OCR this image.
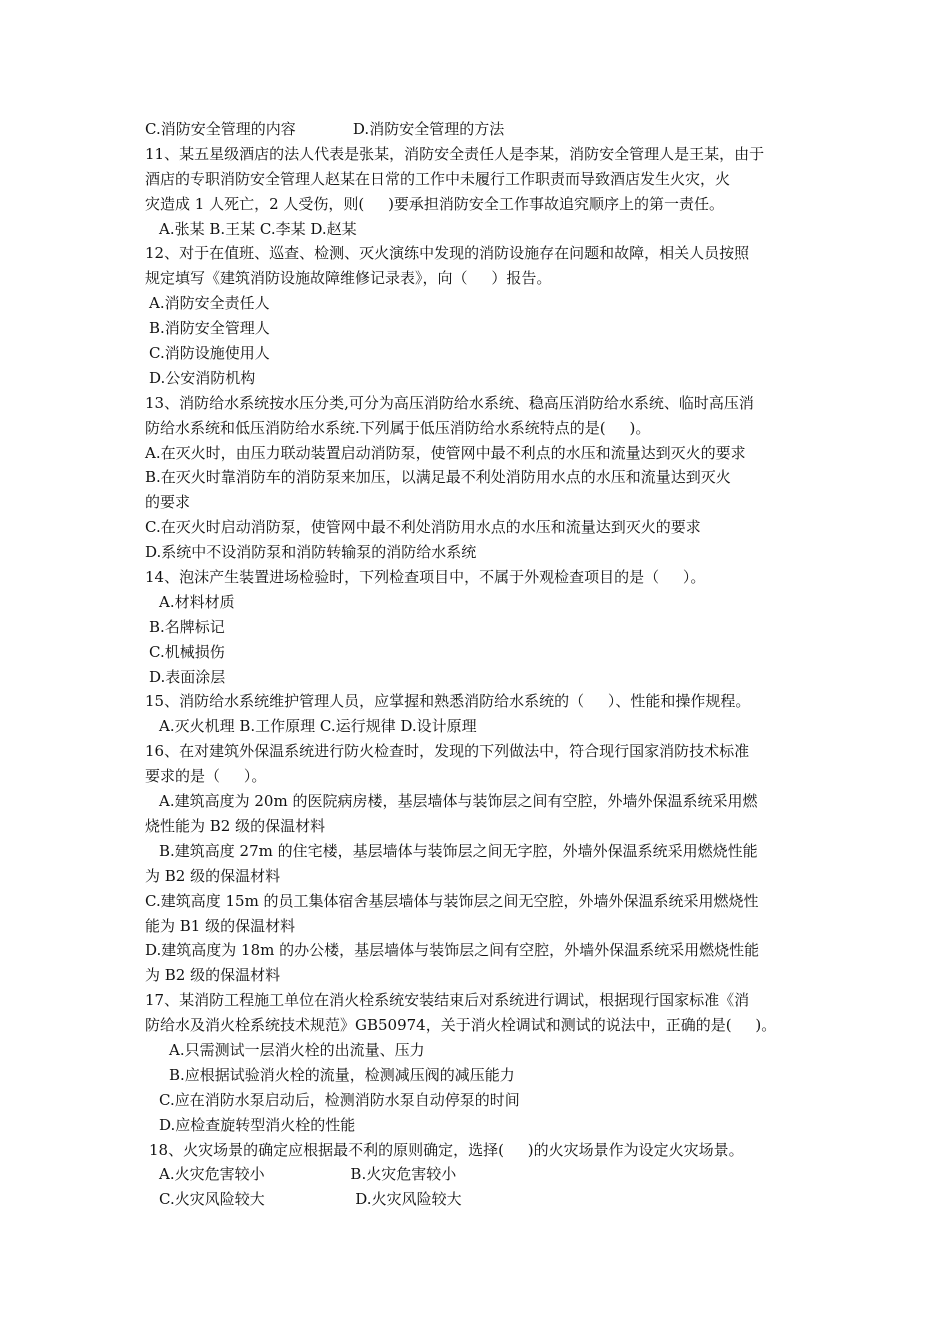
C.消防安全管理的内容            D.消防安全管理的方法
11、某五星级酒店的法人代表是张某，消防安全责任人是李某，消防安全管理人是王某，由于
酒店的专职消防安全管理人赵某在日常的工作中未履行工作职责而导致酒店发生火灾，火
灾造成 1 人死亡，2 人受伤，则(     )要承担消防安全工作事故追究顺序上的第一责任。
A.张某 B.王某 C.李某 D.赵某
12、对于在值班、巡查、检测、灭火演练中发现的消防设施存在问题和故障，相关人员按照
规定填写《建筑消防设施故障维修记录表》，向（     ）报告。
A.消防安全责任人
B.消防安全管理人
C.消防设施使用人
D.公安消防机构
13、消防给水系统按水压分类,可分为高压消防给水系统、稳高压消防给水系统、临时高压消
防给水系统和低压消防给水系统.下列属于低压消防给水系统特点的是(     )。
A.在灭火时，由压力联动装置启动消防泵，使管网中最不利点的水压和流量达到灭火的要求
B.在灭火时靠消防车的消防泵来加压，以满足最不利处消防用水点的水压和流量达到灭火
的要求
C.在灭火时启动消防泵，使管网中最不利处消防用水点的水压和流量达到灭火的要求
D.系统中不设消防泵和消防转输泵的消防给水系统
14、泡沫产生装置进场检验时，下列检查项目中，不属于外观检查项目的是（     ）。
A.材料材质
B.名牌标记
C.机械损伤
D.表面涂层
15、消防给水系统维护管理人员，应掌握和熟悉消防给水系统的（     ）、性能和操作规程。
A.灭火机理 B.工作原理 C.运行规律 D.设计原理
16、在对建筑外保温系统进行防火检查时，发现的下列做法中，符合现行国家消防技术标准
要求的是（     ）。
A.建筑高度为 20m 的医院病房楼，基层墙体与装饰层之间有空腔，外墙外保温系统采用燃
烧性能为 B2 级的保温材料
B.建筑高度 27m 的住宅楼，基层墙体与装饰层之间无字腔，外墙外保温系统采用燃烧性能
为 B2 级的保温材料
C.建筑高度 15m 的员工集体宿舍基层墙体与装饰层之间无空腔，外墙外保温系统采用燃烧性
能为 B1 级的保温材料
D.建筑高度为 18m 的办公楼，基层墙体与装饰层之间有空腔，外墙外保温系统采用燃烧性能
为 B2 级的保温材料
17、某消防工程施工单位在消火栓系统安装结束后对系统进行调试，根据现行国家标准《消
防给水及消火栓系统技术规范》GB50974，关于消火栓调试和测试的说法中，正确的是(     )。
A.只需测试一层消火栓的出流量、压力
B.应根据试验消火栓的流量，检测减压阀的减压能力
C.应在消防水泵启动后，检测消防水泵自动停泵的时间
D.应检查旋转型消火栓的性能
18、火灾场景的确定应根据最不利的原则确定，选择(     )的火灾场景作为设定火灾场景。
A.火灾危害较小                  B.火灾危害较小
C.火灾风险较大                   D.火灾风险较大
